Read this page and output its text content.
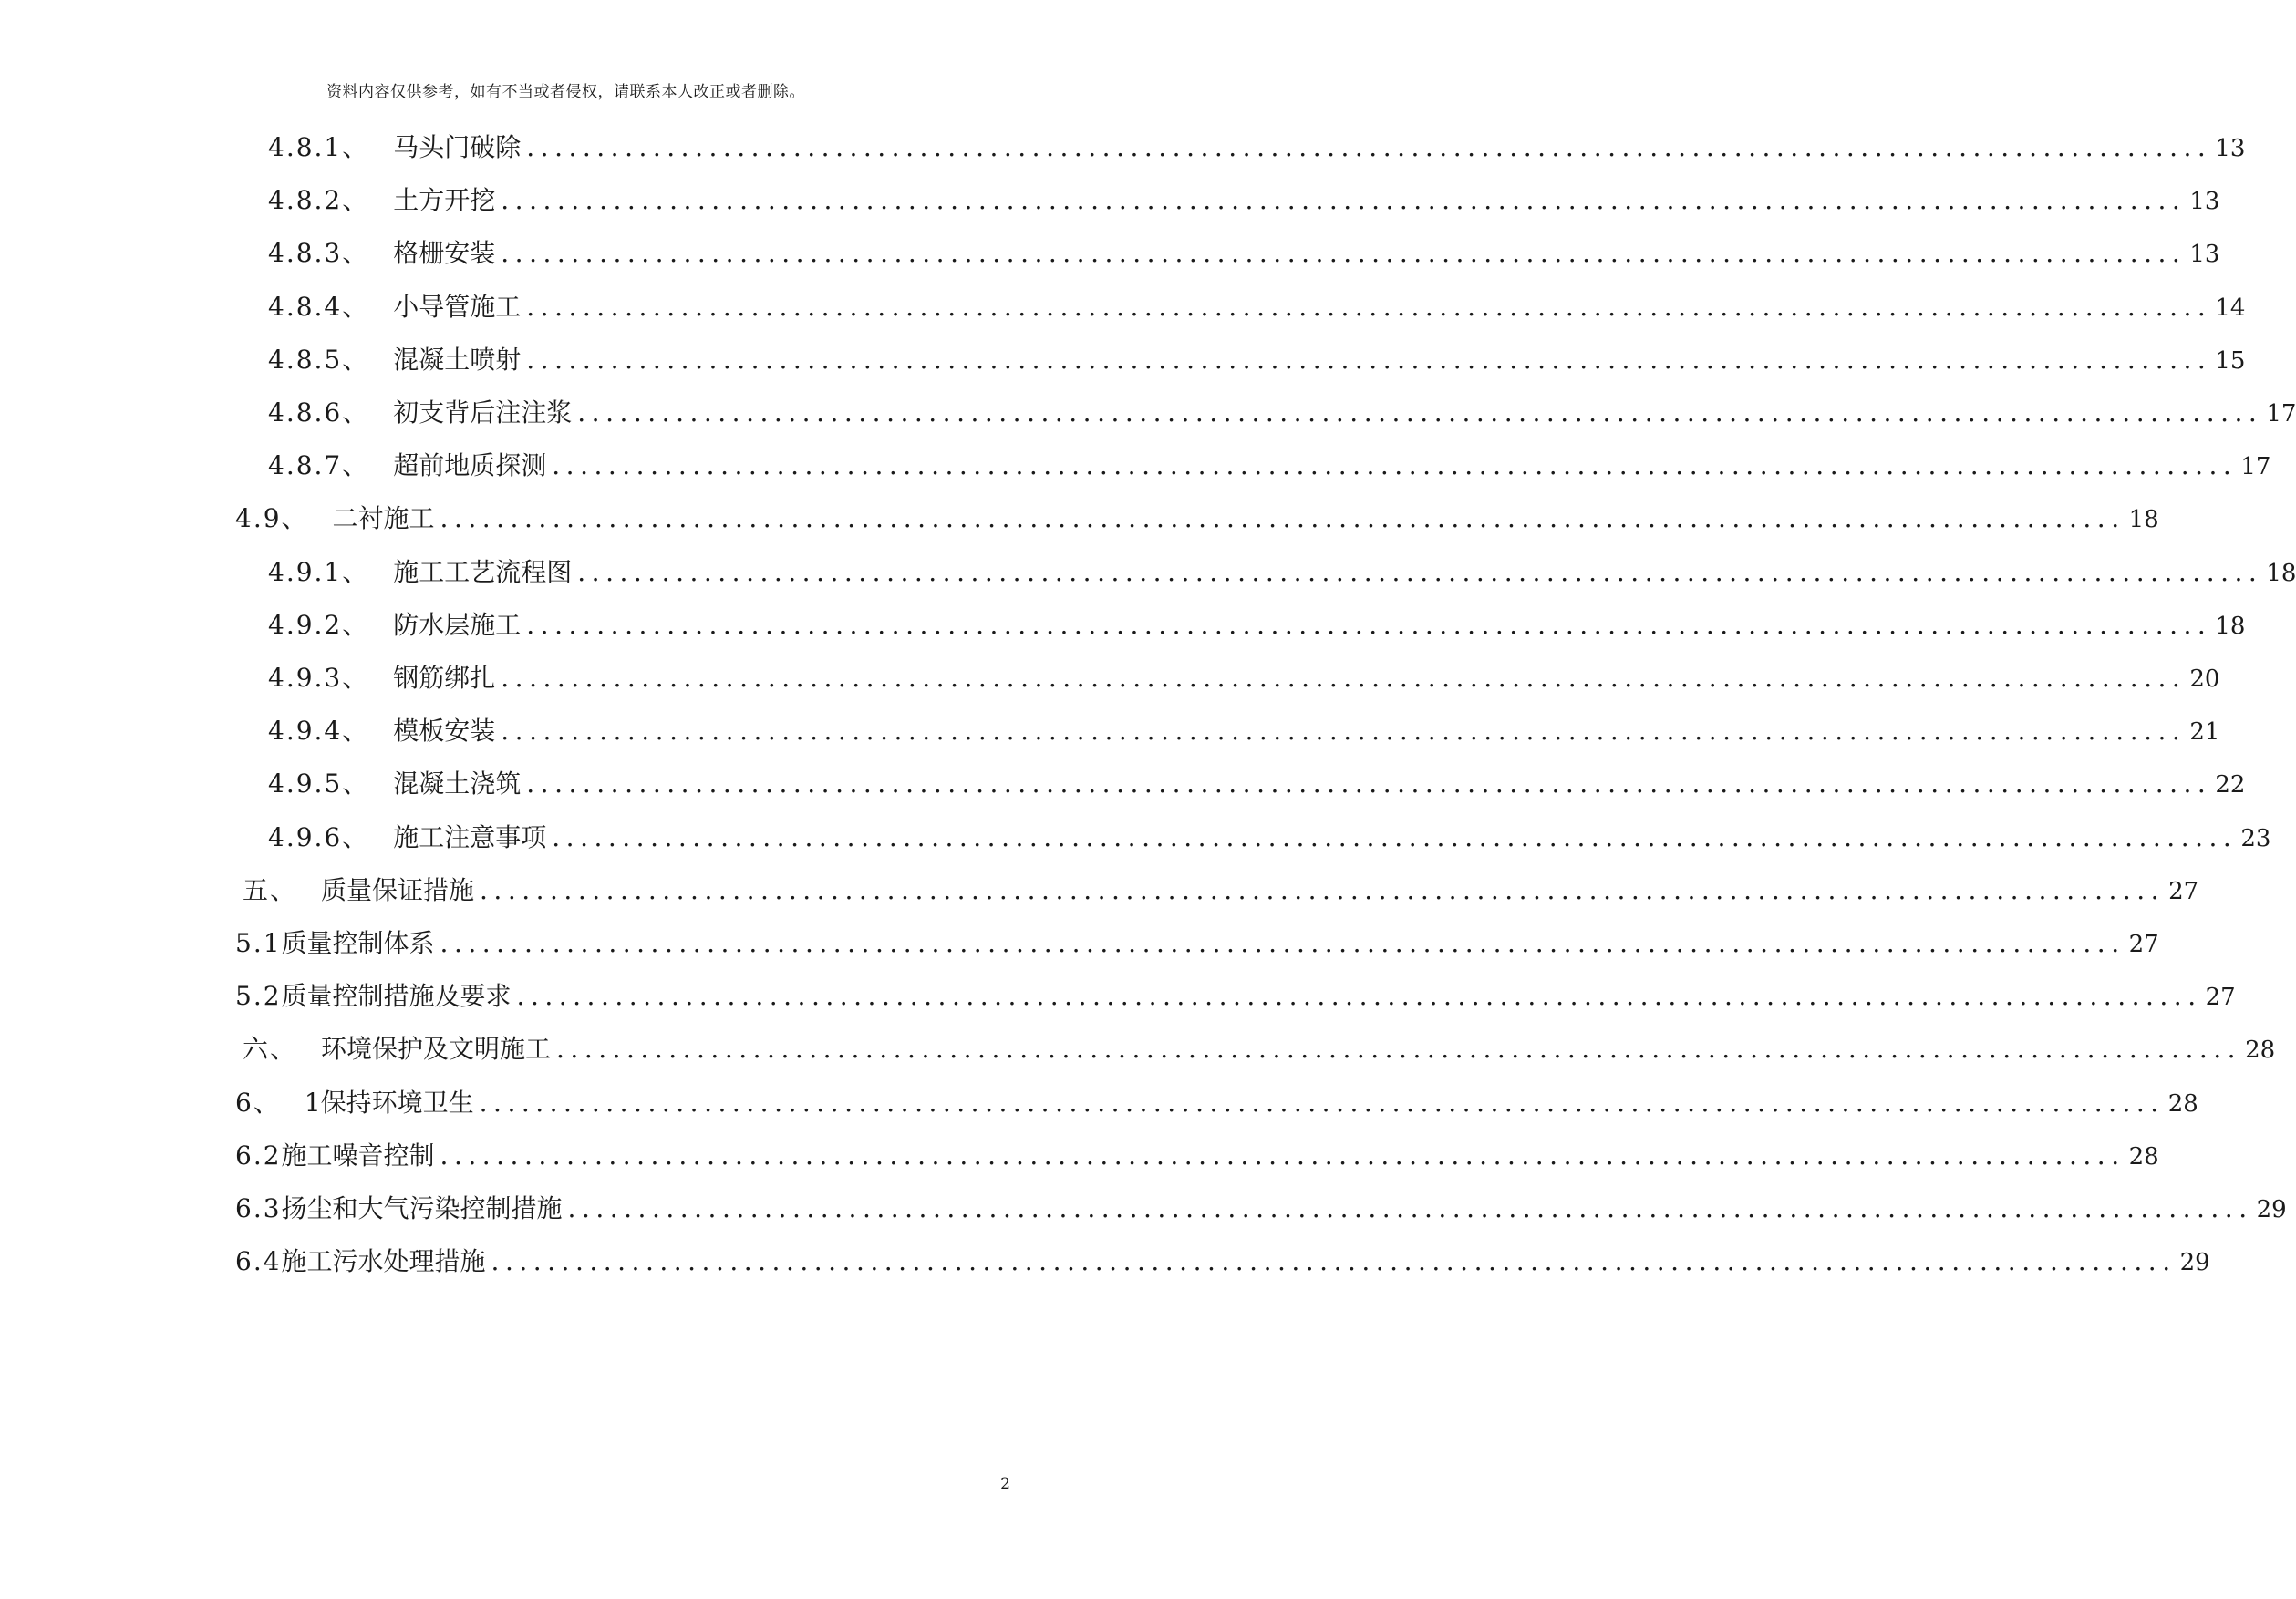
资料内容仅供参考，如有不当或者侵权，请联系本人改正或者删除。
4.8.1、
马头门破除 ........................................................................................................................ 13
4.8.2、
土方开挖 ........................................................................................................................ 13
4.8.3、
格栅安装 ........................................................................................................................ 13
4.8.4、
小导管施工 ........................................................................................................................ 14
4.8.5、
混凝土喷射 ........................................................................................................................ 15
4.8.6、
初支背后注注浆 ........................................................................................................................ 17
4.8.7、
超前地质探测 ........................................................................................................................ 17
4.9、
二衬施工 ........................................................................................................................ 18
4.9.1、
施工工艺流程图 ........................................................................................................................ 18
4.9.2、
防水层施工 ........................................................................................................................ 18
4.9.3、
钢筋绑扎 ........................................................................................................................ 20
4.9.4、
模板安装 ........................................................................................................................ 21
4.9.5、
混凝土浇筑 ........................................................................................................................ 22
4.9.6、
施工注意事项 ........................................................................................................................ 23
五、
质量保证措施 ........................................................................................................................ 27
5.1 质量控制体系 ........................................................................................................................ 27
5.2 质量控制措施及要求 ........................................................................................................................ 27
六、
环境保护及文明施工 ........................................................................................................................ 28
6、
1保持环境卫生 ........................................................................................................................ 28
6.2 施工噪音控制 ........................................................................................................................ 28
6.3 扬尘和大气污染控制措施 ........................................................................................................................ 29
6.4 施工污水处理措施 ........................................................................................................................ 29
2
